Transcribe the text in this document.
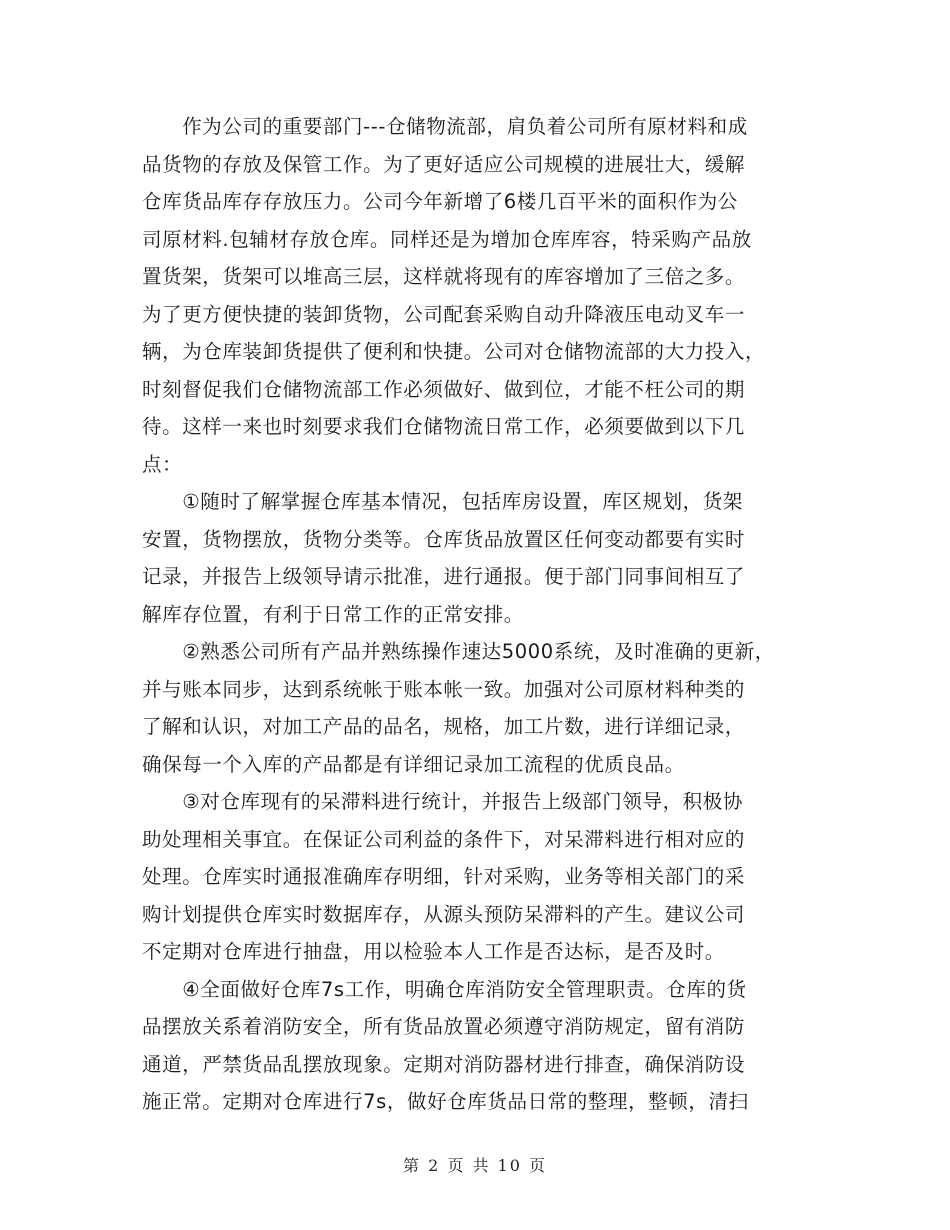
　　作为公司的重要部门---仓储物流部，肩负着公司所有原材料和成
品货物的存放及保管工作。为了更好适应公司规模的进展壮大，缓解
仓库货品库存存放压力。公司今年新增了6楼几百平米的面积作为公
司原材料.包辅材存放仓库。同样还是为增加仓库库容，特采购产品放
置货架，货架可以堆高三层，这样就将现有的库容增加了三倍之多。
为了更方便快捷的装卸货物，公司配套采购自动升降液压电动叉车一
辆，为仓库装卸货提供了便利和快捷。公司对仓储物流部的大力投入，
时刻督促我们仓储物流部工作必须做好、做到位，才能不枉公司的期
待。这样一来也时刻要求我们仓储物流日常工作，必须要做到以下几
点：
　　①随时了解掌握仓库基本情况，包括库房设置，库区规划，货架
安置，货物摆放，货物分类等。仓库货品放置区任何变动都要有实时
记录，并报告上级领导请示批准，进行通报。便于部门同事间相互了
解库存位置，有利于日常工作的正常安排。
　　②熟悉公司所有产品并熟练操作速达5000系统，及时准确的更新，
并与账本同步，达到系统帐于账本帐一致。加强对公司原材料种类的
了解和认识，对加工产品的品名，规格，加工片数，进行详细记录，
确保每一个入库的产品都是有详细记录加工流程的优质良品。
　　③对仓库现有的呆滞料进行统计，并报告上级部门领导，积极协
助处理相关事宜。在保证公司利益的条件下，对呆滞料进行相对应的
处理。仓库实时通报准确库存明细，针对采购，业务等相关部门的采
购计划提供仓库实时数据库存，从源头预防呆滞料的产生。建议公司
不定期对仓库进行抽盘，用以检验本人工作是否达标，是否及时。
　　④全面做好仓库7s工作，明确仓库消防安全管理职责。仓库的货
品摆放关系着消防安全，所有货品放置必须遵守消防规定，留有消防
通道，严禁货品乱摆放现象。定期对消防器材进行排查，确保消防设
施正常。定期对仓库进行7s，做好仓库货品日常的整理，整顿，清扫
第 2 页 共 10 页
